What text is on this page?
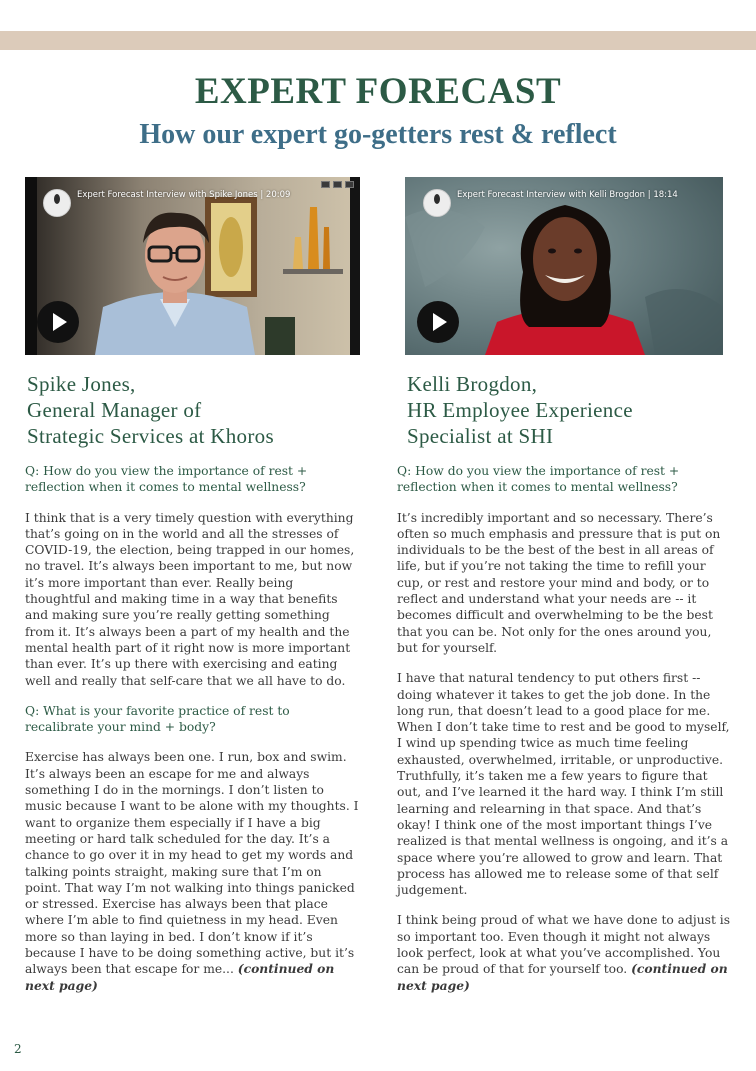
EXPERT FORECAST
How our expert go-getters rest & reflect
Expert Forecast Interview with Spike Jones | 20:09
Spike Jones,
General Manager of
Strategic Services at Khoros

Q: How do you view the importance of rest + reflection when it comes to mental wellness?

I think that is a very timely question with everything that’s going on in the world and all the stresses of COVID-19, the election, being trapped in our homes, no travel. It’s always been important to me, but now it’s more important than ever. Really being thoughtful and making time in a way that benefits and making sure you’re really getting something from it. It’s always been a part of my health and the mental health part of it right now is more important than ever. It’s up there with exercising and eating well and really that self-care that we all have to do.

Q: What is your favorite practice of rest to recalibrate your mind + body?

Exercise has always been one. I run, box and swim. It’s always been an escape for me and always something I do in the mornings. I don’t listen to music because I want to be alone with my thoughts. I want to organize them especially if I have a big meeting or hard talk scheduled for the day. It’s a chance to go over it in my head to get my words and talking points straight, making sure that I’m on point. That way I’m not walking into things panicked or stressed. Exercise has always been that place where I’m able to find quietness in my head. Even more so than laying in bed. I don’t know if it’s because I have to be doing something active, but it’s always been that escape for me... (continued on next page)

Expert Forecast Interview with Kelli Brogdon | 18:14
Kelli Brogdon,
HR Employee Experience
Specialist at SHI

Q: How do you view the importance of rest + reflection when it comes to mental wellness?

It’s incredibly important and so necessary. There’s often so much emphasis and pressure that is put on individuals to be the best of the best in all areas of life, but if you’re not taking the time to refill your cup, or rest and restore your mind and body, or to reflect and understand what your needs are -- it becomes difficult and overwhelming to be the best that you can be. Not only for the ones around you, but for yourself.

I have that natural tendency to put others first -- doing whatever it takes to get the job done. In the long run, that doesn’t lead to a good place for me. When I don’t take time to rest and be good to myself, I wind up spending twice as much time feeling exhausted, overwhelmed, irritable, or unproductive. Truthfully, it’s taken me a few years to figure that out, and I’ve learned it the hard way. I think I’m still learning and relearning in that space. And that’s okay! I think one of the most important things I’ve realized is that mental wellness is ongoing, and it’s a space where you’re allowed to grow and learn. That process has allowed me to release some of that self judgement.

I think being proud of what we have done to adjust is so important too. Even though it might not always look perfect, look at what you’ve accomplished. You can be proud of that for yourself too. (continued on next page)

2
